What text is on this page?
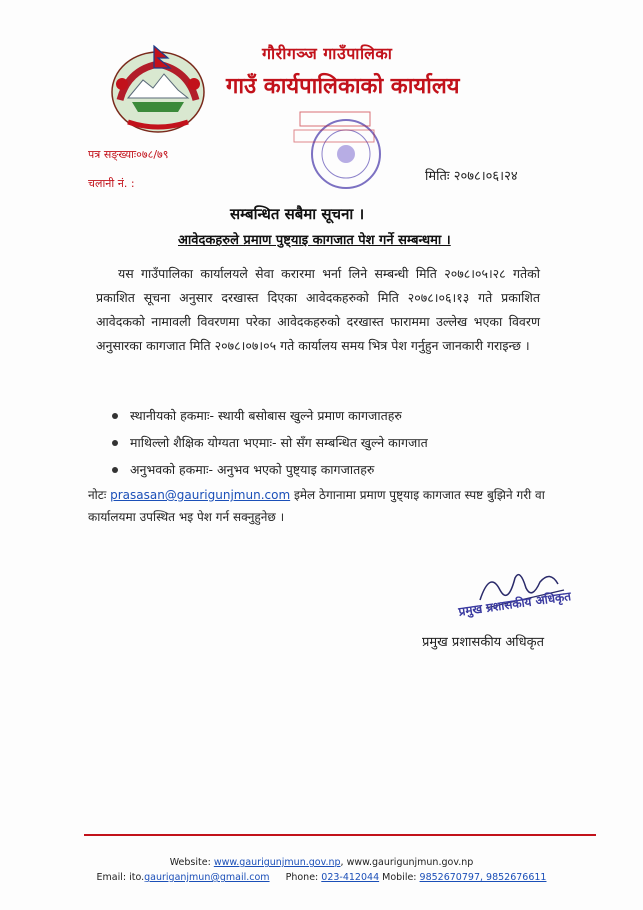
गौरीगञ्ज गाउँपालिका
गाउँ कार्यपालिकाको कार्यालय
पत्र सङ्ख्याः०७८/७९
चलानी नं. :	मितिः २०७८।०६।२४
सम्बन्धित सबैमा सूचना ।
आवेदकहरुले प्रमाण पुष्ट्याइ कागजात पेश गर्ने सम्बन्धमा ।
यस गाउँपालिका कार्यालयले सेवा करारमा भर्ना लिने सम्बन्धी मिति २०७८।०५।२८ गतेको प्रकाशित सूचना अनुसार दरखास्त दिएका आवेदकहरुको मिति २०७८।०६।१३ गते प्रकाशित आवेदकको नामावली विवरणमा परेका आवेदकहरुको दरखास्त फाराममा उल्लेख भएका विवरण अनुसारका कागजात मिति २०७८।०७।०५ गते कार्यालय समय भित्र पेश गर्नुहुन जानकारी गराइन्छ ।
स्थानीयको हकमाः- स्थायी बसोबास खुल्ने प्रमाण कागजातहरु
माथिल्लो शैक्षिक योग्यता भएमाः- सो सँग सम्बन्धित खुल्ने कागजात
अनुभवको हकमाः- अनुभव भएको पुष्ट्याइ कागजातहरु
नोटः prasasan@gaurigunjmun.com इमेल ठेगानामा प्रमाण पुष्ट्याइ कागजात स्पष्ट बुझिने गरी वा कार्यालयमा उपस्थित भइ पेश गर्न सक्नुहुनेछ ।
प्रमुख प्रशासकीय अधिकृत
प्रमुख प्रशासकीय अधिकृत
Website: www.gaurigunjmun.gov.np, www.gaurigunjmun.gov.np
Email: ito.gauriganjmun@gmail.com Phone: 023-412044 Mobile: 9852670797, 9852676611
